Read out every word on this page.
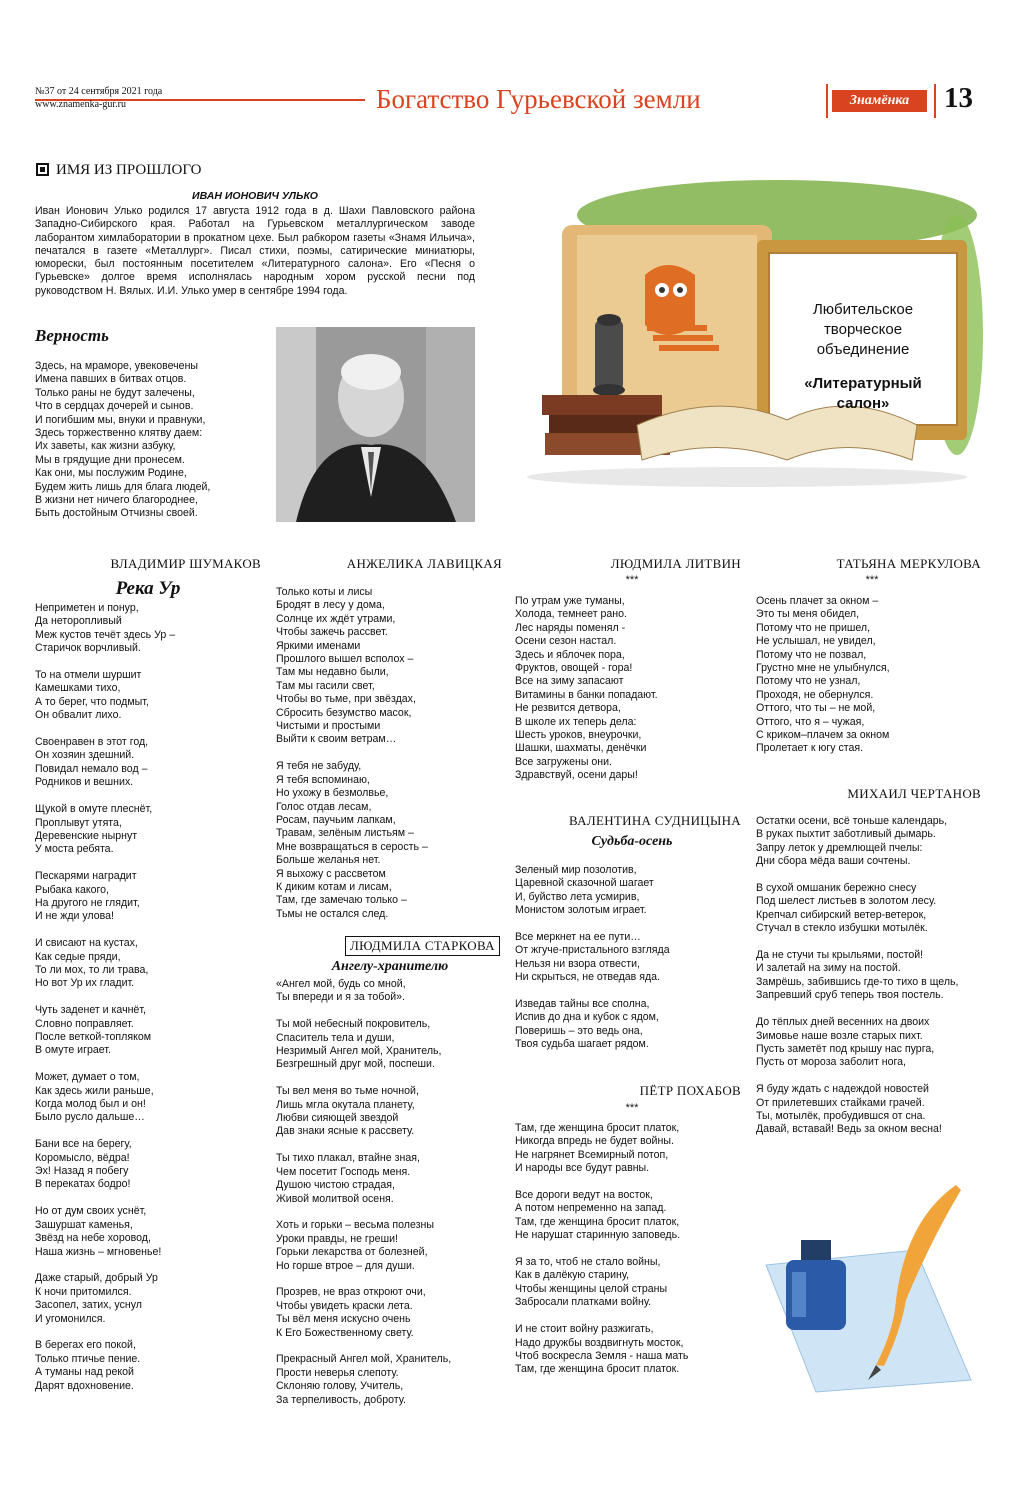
№37 от 24 сентября 2021 года
www.znamenka-gur.ru	Богатство Гурьевской земли	Знамёнка	13
ИМЯ ИЗ ПРОШЛОГО
ИВАН ИОНОВИЧ УЛЬКО
Иван Ионович Улько родился 17 августа 1912 года в д. Шахи Павловского района Западно-Сибирского края. Работал на Гурьевском металлургическом заводе лаборантом химлаборатории в прокатном цехе. Был рабкором газеты «Знамя Ильича», печатался в газете «Металлург». Писал стихи, поэмы, сатирические миниатюры, юморески, был постоянным посетителем «Литературного салона». Его «Песня о Гурьевске» долгое время исполнялась народным хором русской песни под руководством Н. Вялых. И.И. Улько умер в сентябре 1994 года.
Верность
Здесь, на мраморе, увековечены
Имена павших в битвах отцов.
Только раны не будут залечены,
Что в сердцах дочерей и сынов.
И погибшим мы, внуки и правнуки,
Здесь торжественно клятву даем:
Их заветы, как жизни азбуку,
Мы в грядущие дни пронесем.
Как они, мы послужим Родине,
Будем жить лишь для блага людей,
В жизни нет ничего благороднее,
Быть достойным Отчизны своей.
Любительское
творческое
объединение
«Литературный
салон»
ВЛАДИМИР ШУМАКОВ
Река Ур
Неприметен и понур,
Да неторопливый
Меж кустов течёт здесь Ур –
Старичок ворчливый.

То на отмели шуршит
Камешками тихо,
А то берег, что подмыт,
Он обвалит лихо.

Своенравен в этот год,
Он хозяин здешний.
Повидал немало вод –
Родников и вешних.

Щукой в омуте плеснёт,
Проплывут утята,
Деревенские нырнут
У моста ребята.

Пескарями наградит
Рыбака какого,
На другого не глядит,
И не жди улова!

И свисают на кустах,
Как седые пряди,
То ли мох, то ли трава,
Но вот Ур их гладит.

Чуть заденет и качнёт,
Словно поправляет.
После веткой-топляком
В омуте играет.

Может, думает о том,
Как здесь жили раньше,
Когда молод был и он!
Было русло дальше…

Бани все на берегу,
Коромысло, вёдра!
Эх! Назад я побегу
В перекатах бодро!

Но от дум своих уснёт,
Зашуршат каменья,
Звёзд на небе хоровод,
Наша жизнь – мгновенье!

Даже старый, добрый Ур
К ночи притомился.
Засопел, затих, уснул
И угомонился.

В берегах его покой,
Только птичье пение.
А туманы над рекой
Дарят вдохновение.
АНЖЕЛИКА ЛАВИЦКАЯ
Только коты и лисы
Бродят в лесу у дома,
Солнце их ждёт утрами,
Чтобы зажечь рассвет.
Яркими именами
Прошлого вышел всполох –
Там мы недавно были,
Там мы гасили свет,
Чтобы во тьме, при звёздах,
Сбросить безумство масок,
Чистыми и простыми
Выйти к своим ветрам…

Я тебя не забуду,
Я тебя вспоминаю,
Но ухожу в безмолвье,
Голос отдав лесам,
Росам, паучьим лапкам,
Травам, зелёным листьям –
Мне возвращаться в серость –
Больше желанья нет.
Я выхожу с рассветом
К диким котам и лисам,
Там, где замечаю только –
Тьмы не остался след.
ЛЮДМИЛА СТАРКОВА
Ангелу-хранителю
«Ангел мой, будь со мной,
Ты впереди и я за тобой».

Ты мой небесный покровитель,
Спаситель тела и души,
Незримый Ангел мой, Хранитель,
Безгрешный друг мой, поспеши.

Ты вел меня во тьме ночной,
Лишь мгла окутала планету,
Любви сияющей звездой
Дав знаки ясные к рассвету.

Ты тихо плакал, втайне зная,
Чем посетит Господь меня.
Душою чистою страдая,
Живой молитвой осеня.

Хоть и горьки – весьма полезны
Уроки правды, не греши!
Горьки лекарства от болезней,
Но горше втрое – для души.

Прозрев, не враз откроют очи,
Чтобы увидеть краски лета.
Ты вёл меня искусно очень
К Его Божественному свету.

Прекрасный Ангел мой, Хранитель,
Прости неверья слепоту.
Склоняю голову, Учитель,
За терпеливость, доброту.
ЛЮДМИЛА ЛИТВИН
***
По утрам уже туманы,
Холода, темнеет рано.
Лес наряды поменял -
Осени сезон настал.
Здесь и яблочек пора,
Фруктов, овощей - гора!
Все на зиму запасают
Витамины в банки попадают.
Не резвится детвора,
В школе их теперь дела:
Шесть уроков, внеурочки,
Шашки, шахматы, денёчки
Все загружены они.
Здравствуй, осени дары!
ВАЛЕНТИНА СУДНИЦЫНА
Судьба-осень
Зеленый мир позолотив,
Царевной сказочной шагает
И, буйство лета усмирив,
Монистом золотым играет.

Все меркнет на ее пути…
От жгуче-пристального взгляда
Нельзя ни взора отвести,
Ни скрыться, не отведав яда.

Изведав тайны все сполна,
Испив до дна и кубок с ядом,
Поверишь – это ведь она,
Твоя судьба шагает рядом.
ПЁТР ПОХАБОВ
***
Там, где женщина бросит платок,
Никогда впредь не будет войны.
Не нагрянет Всемирный потоп,
И народы все будут равны.

Все дороги ведут на восток,
А потом непременно на запад.
Там, где женщина бросит платок,
Не нарушат старинную заповедь.

Я за то, чтоб не стало войны,
Как в далёкую старину,
Чтобы женщины целой страны
Забросали платками войну.

И не стоит войну разжигать,
Надо дружбы воздвигнуть мосток,
Чтоб воскресла Земля - наша мать
Там, где женщина бросит платок.
ТАТЬЯНА МЕРКУЛОВА
***
Осень плачет за окном –
Это ты меня обидел,
Потому что не пришел,
Не услышал, не увидел,
Потому что не позвал,
Грустно мне не улыбнулся,
Потому что не узнал,
Проходя, не обернулся.
Оттого, что ты – не мой,
Оттого, что я – чужая,
С криком–плачем за окном
Пролетает к югу стая.
МИХАИЛ ЧЕРТАНОВ
Остатки осени, всё тоньше календарь,
В руках пыхтит заботливый дымарь.
Запру леток у дремлющей пчелы:
Дни сбора мёда ваши сочтены.

В сухой омшаник бережно снесу
Под шелест листьев в золотом лесу.
Крепчал сибирский ветер-ветерок,
Стучал в стекло избушки мотылёк.

Да не стучи ты крыльями, постой!
И залетай на зиму на постой.
Замрёшь, забившись где-то тихо в щель,
Запревший сруб теперь твоя постель.

До тёплых дней весенних на двоих
Зимовье наше возле старых пихт.
Пусть заметёт под крышу нас пурга,
Пусть от мороза заболит нога,

Я буду ждать с надеждой новостей
От прилетевших стайками грачей.
Ты, мотылёк, пробудившся от сна.
Давай, вставай! Ведь за окном весна!
